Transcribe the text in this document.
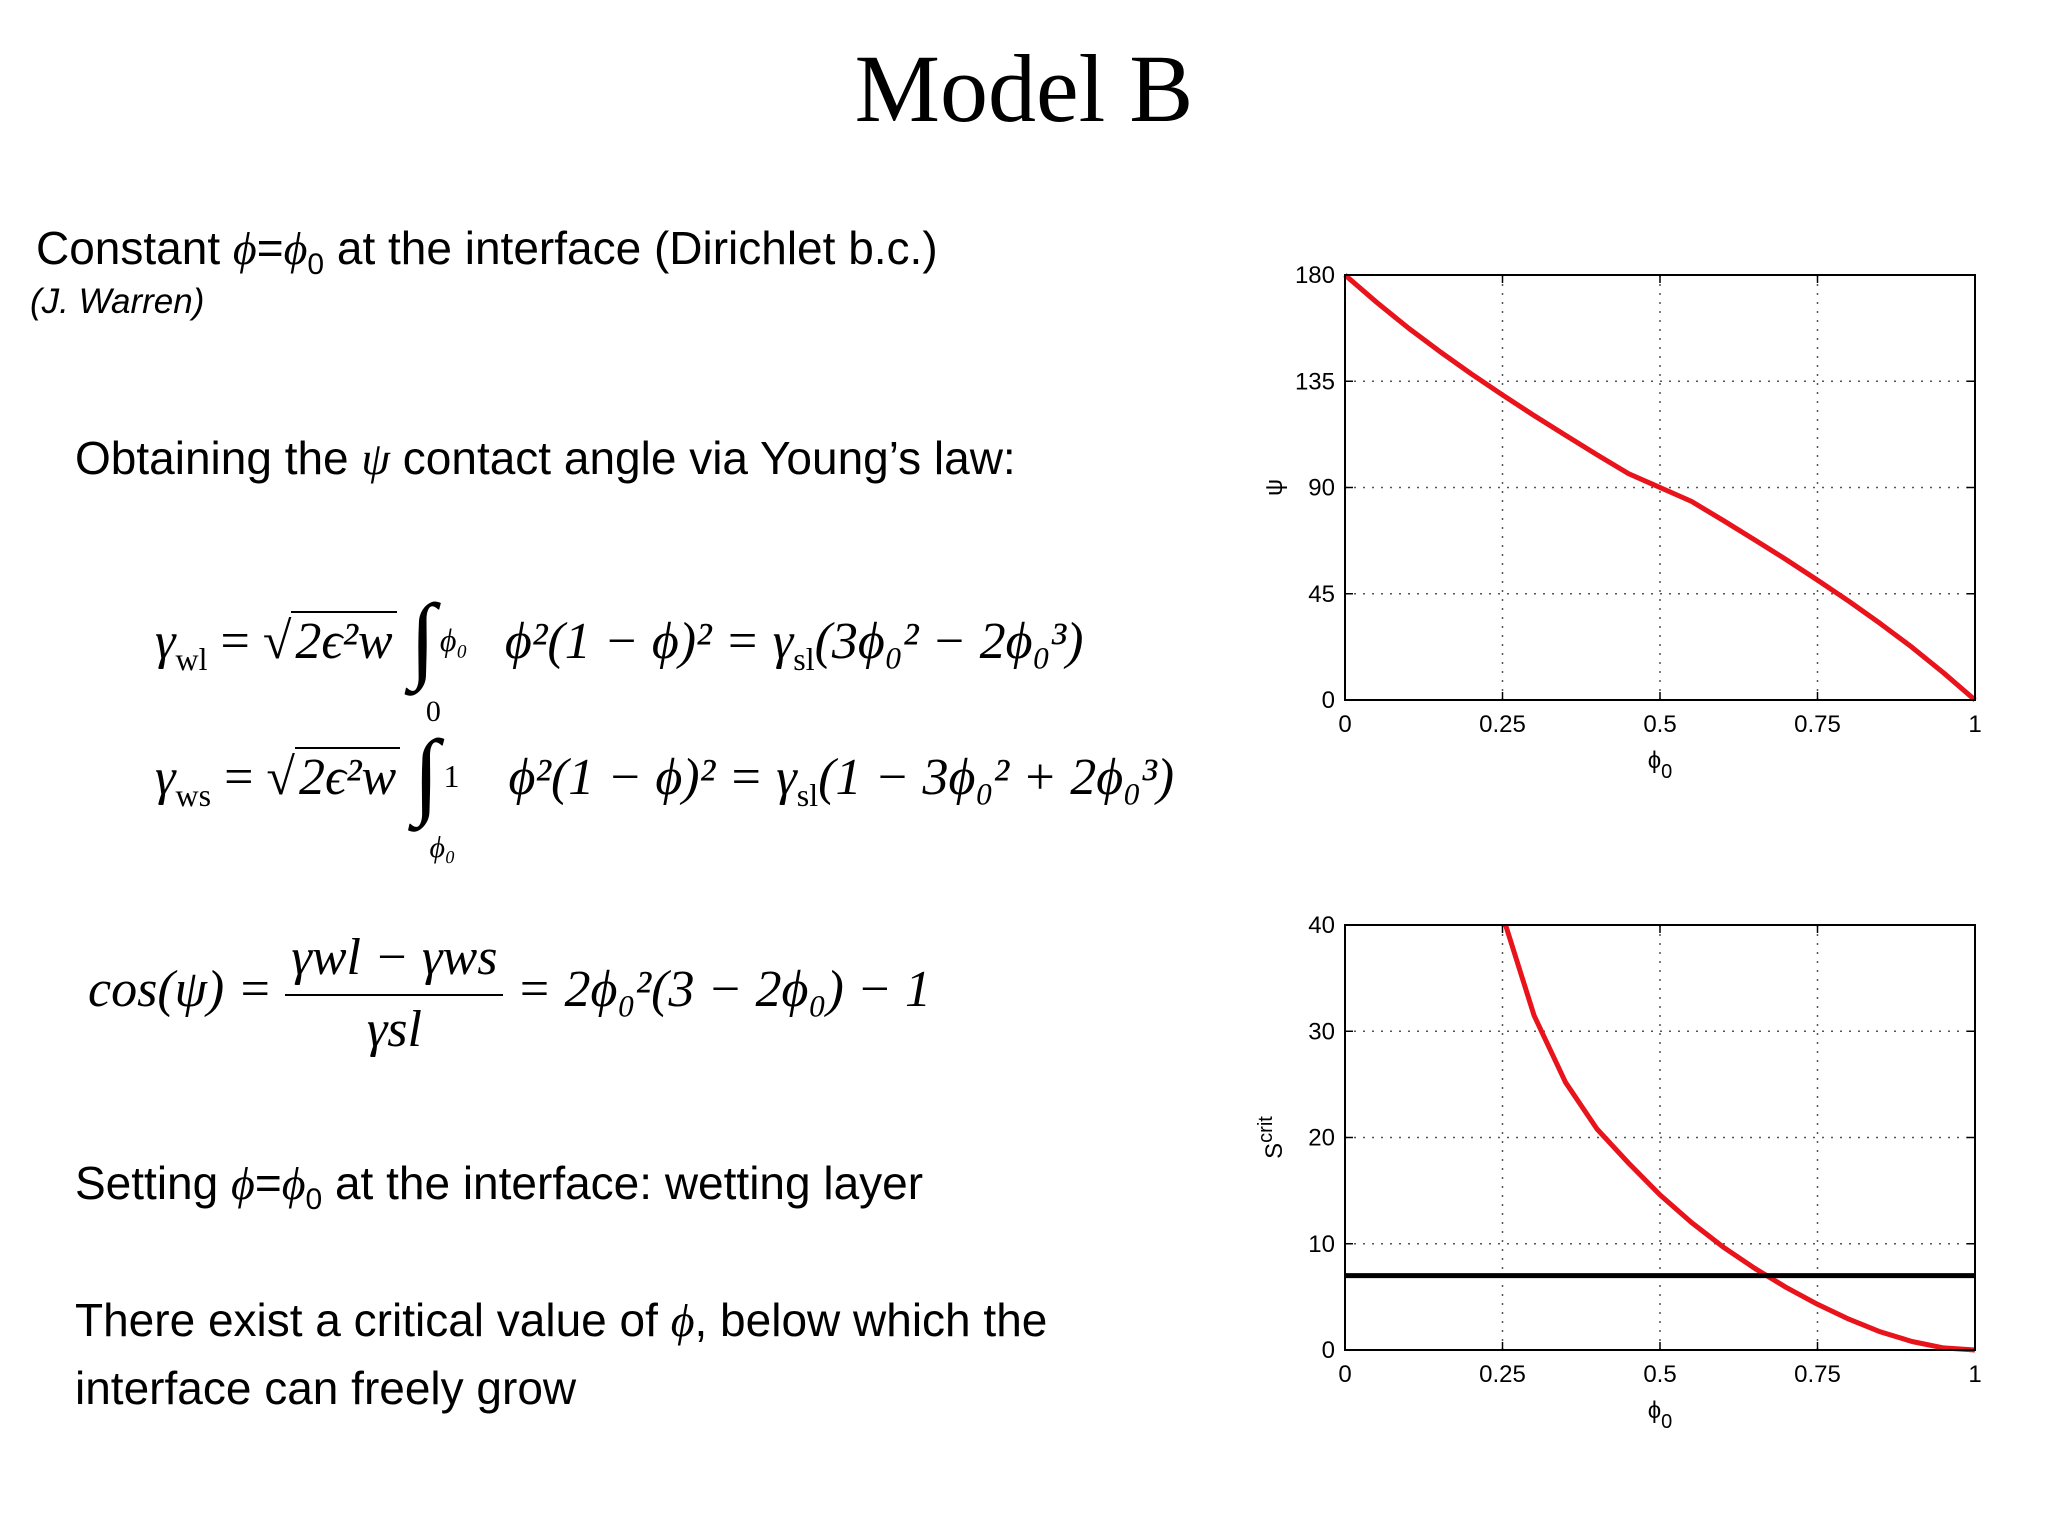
Model B
Constant $\phi=\phi_0$ at the interface (Dirichlet b.c.)
(J. Warren)
Obtaining the ψ contact angle via Young’s law:
$\gamma_{wl} = √2\epsilon^2w$ ∫ ϕ₀
0
$\phi^2(1 - \phi)^2 = \gamma_{sl}(3\phi_0^2 - 2\phi_0^3)$
$\gamma_{ws} = √2\epsilon^2w$ ∫ 1
ϕ₀
$\phi^2(1 - \phi)^2 = \gamma_{sl}(1 - 3\phi_0^2 + 2\phi_0^3)$
$\cos(\psi) = \frac{\text{γwl − γws}}{\text{γsl}} = 2\phi_0^2(3 - 2\phi_0) - 1$
Setting $\phi=\phi_0$ at the interface: wetting layer
There exist a critical value of ϕ, below which the
interface can freely grow
0	0.25	0.5	0.75	1
0
45
90
135
180
$\phi_0$
ψ
0	0.25	0.5	0.75	1
0
10
20
30
40
$\phi_0$
$S^{crit}$
